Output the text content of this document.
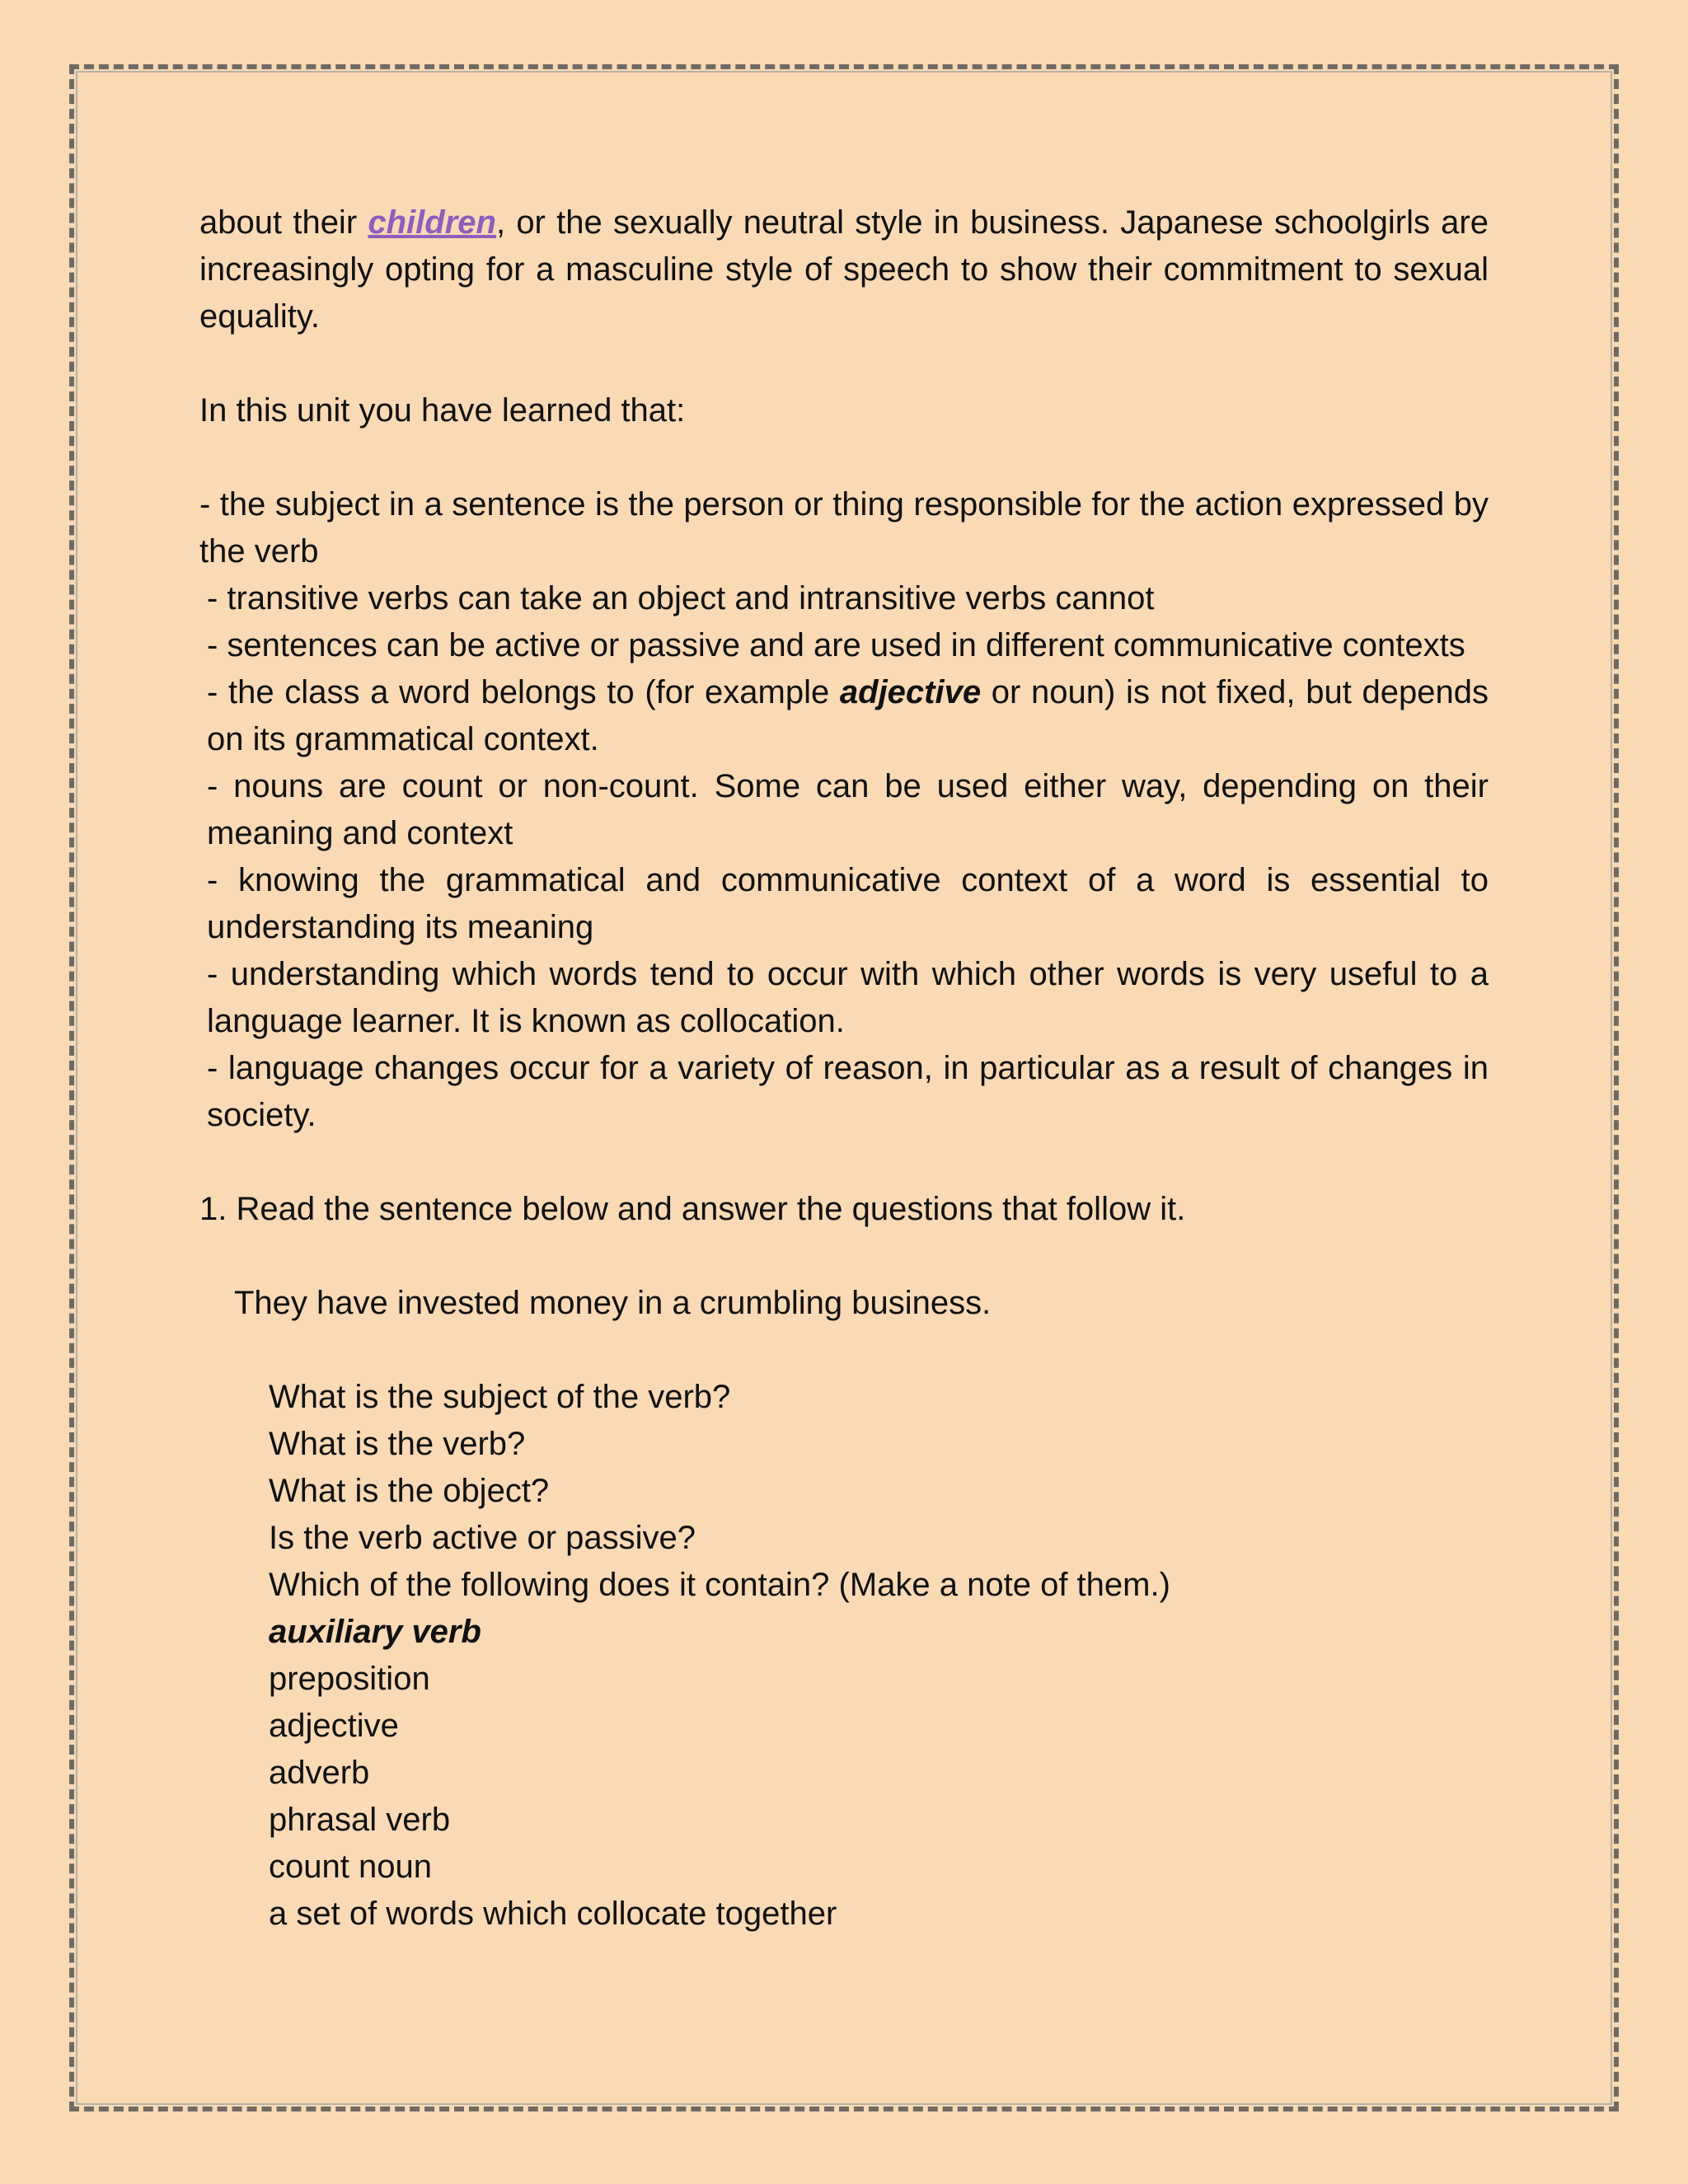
about their children, or the sexually neutral style in business. Japanese schoolgirls are increasingly opting for a masculine style of speech to show their commitment to sexual equality.

In this unit you have learned that:

- the subject in a sentence is the person or thing responsible for the action expressed by the verb

- transitive verbs can take an object and intransitive verbs cannot

- sentences can be active or passive and are used in different communicative contexts

- the class a word belongs to (for example adjective or noun) is not fixed, but depends on its grammatical context.

- nouns are count or non-count. Some can be used either way, depending on their meaning and context

- knowing the grammatical and communicative context of a word is essential to understanding its meaning

- understanding which words tend to occur with which other words is very useful to a language learner. It is known as collocation.

- language changes occur for a variety of reason, in particular as a result of changes in society.

1. Read the sentence below and answer the questions that follow it.

They have invested money in a crumbling business.

What is the subject of the verb?
What is the verb?
What is the object?
Is the verb active or passive?
Which of the following does it contain? (Make a note of them.)
auxiliary verb
preposition
adjective
adverb
phrasal verb
count noun
a set of words which collocate together
